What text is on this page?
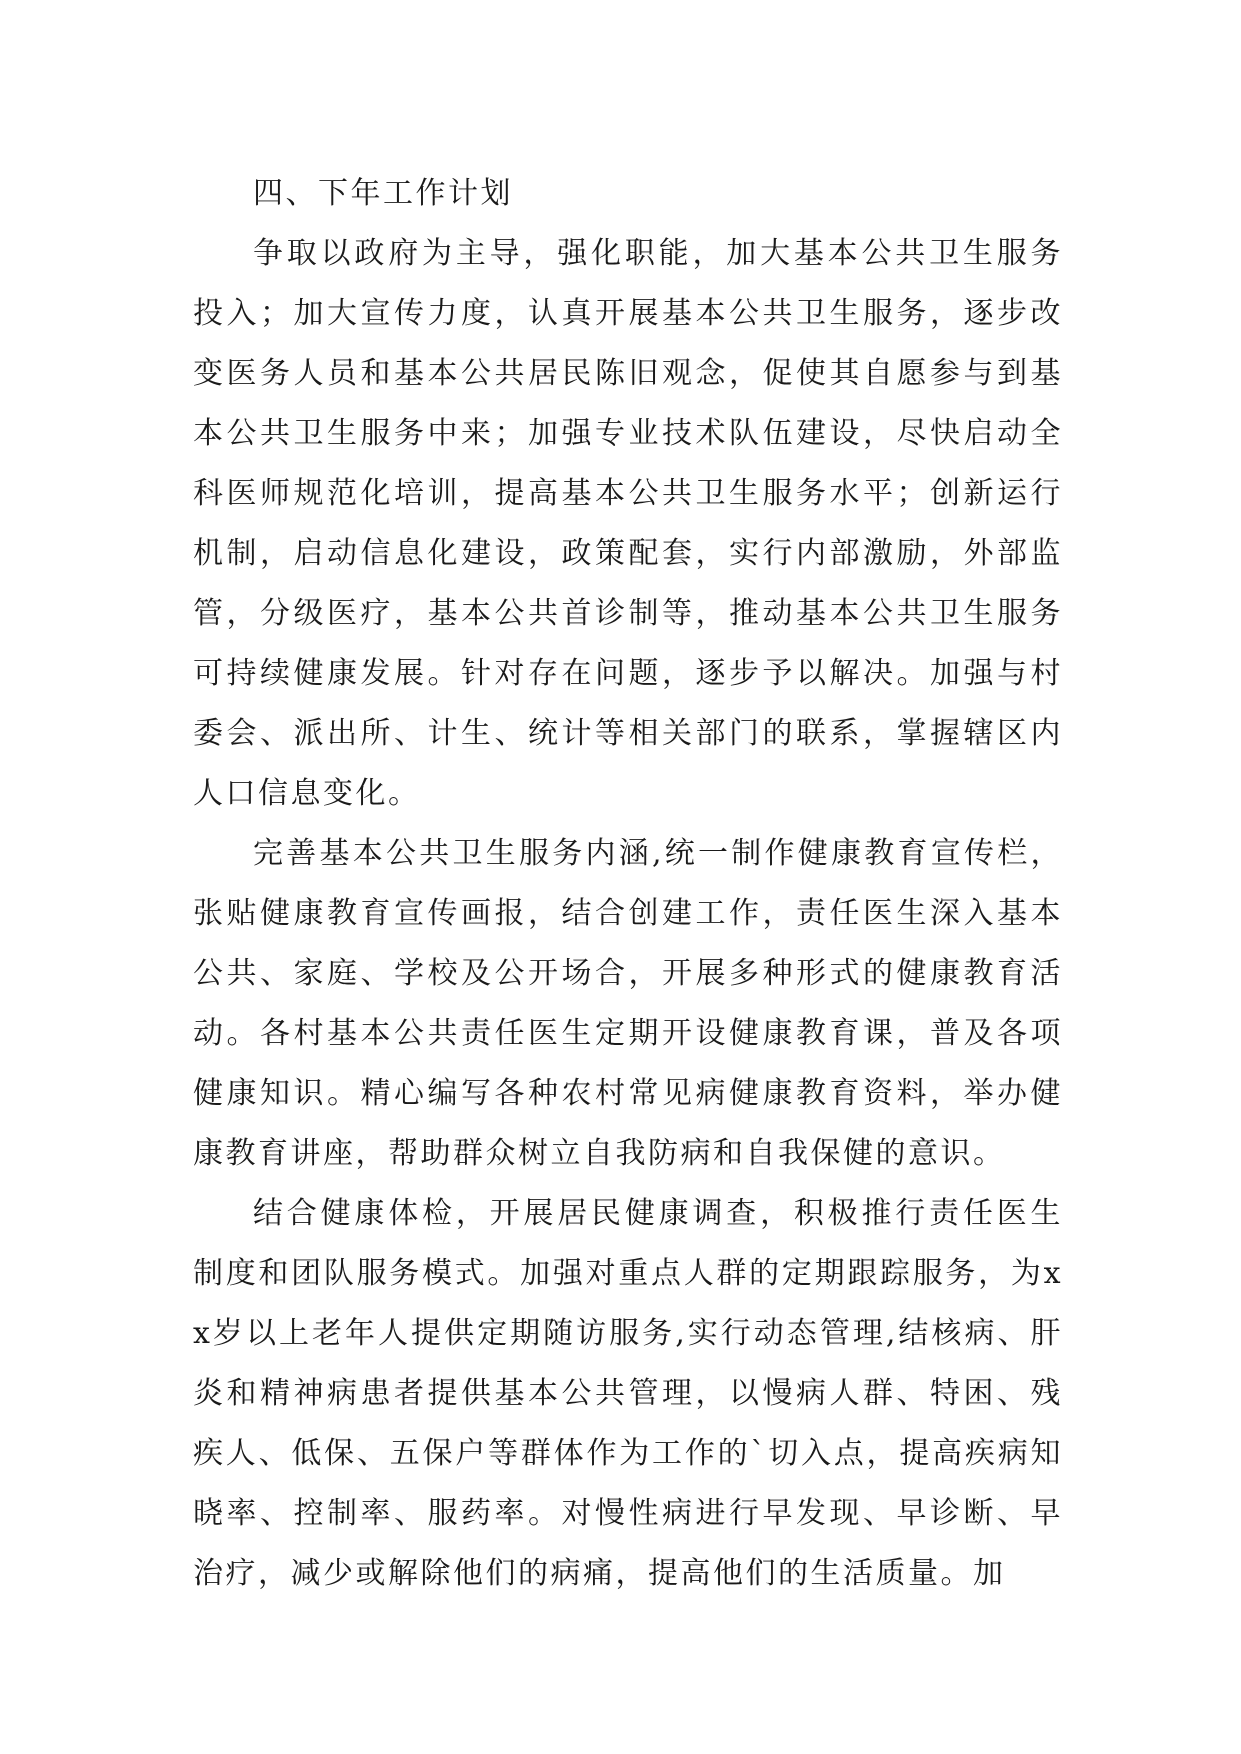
四、下年工作计划

争取以政府为主导，强化职能，加大基本公共卫生服务投入；加大宣传力度，认真开展基本公共卫生服务，逐步改变医务人员和基本公共居民陈旧观念，促使其自愿参与到基本公共卫生服务中来；加强专业技术队伍建设，尽快启动全科医师规范化培训，提高基本公共卫生服务水平；创新运行机制，启动信息化建设，政策配套，实行内部激励，外部监管，分级医疗，基本公共首诊制等，推动基本公共卫生服务可持续健康发展。针对存在问题，逐步予以解决。加强与村委会、派出所、计生、统计等相关部门的联系，掌握辖区内人口信息变化。

完善基本公共卫生服务内涵,统一制作健康教育宣传栏，张贴健康教育宣传画报，结合创建工作，责任医生深入基本公共、家庭、学校及公开场合，开展多种形式的健康教育活动。各村基本公共责任医生定期开设健康教育课，普及各项健康知识。精心编写各种农村常见病健康教育资料，举办健康教育讲座，帮助群众树立自我防病和自我保健的意识。

结合健康体检，开展居民健康调查，积极推行责任医生制度和团队服务模式。加强对重点人群的定期跟踪服务，为xx岁以上老年人提供定期随访服务,实行动态管理,结核病、肝炎和精神病患者提供基本公共管理，以慢病人群、特困、残疾人、低保、五保户等群体作为工作的`切入点，提高疾病知晓率、控制率、服药率。对慢性病进行早发现、早诊断、早治疗，减少或解除他们的病痛，提高他们的生活质量。加
